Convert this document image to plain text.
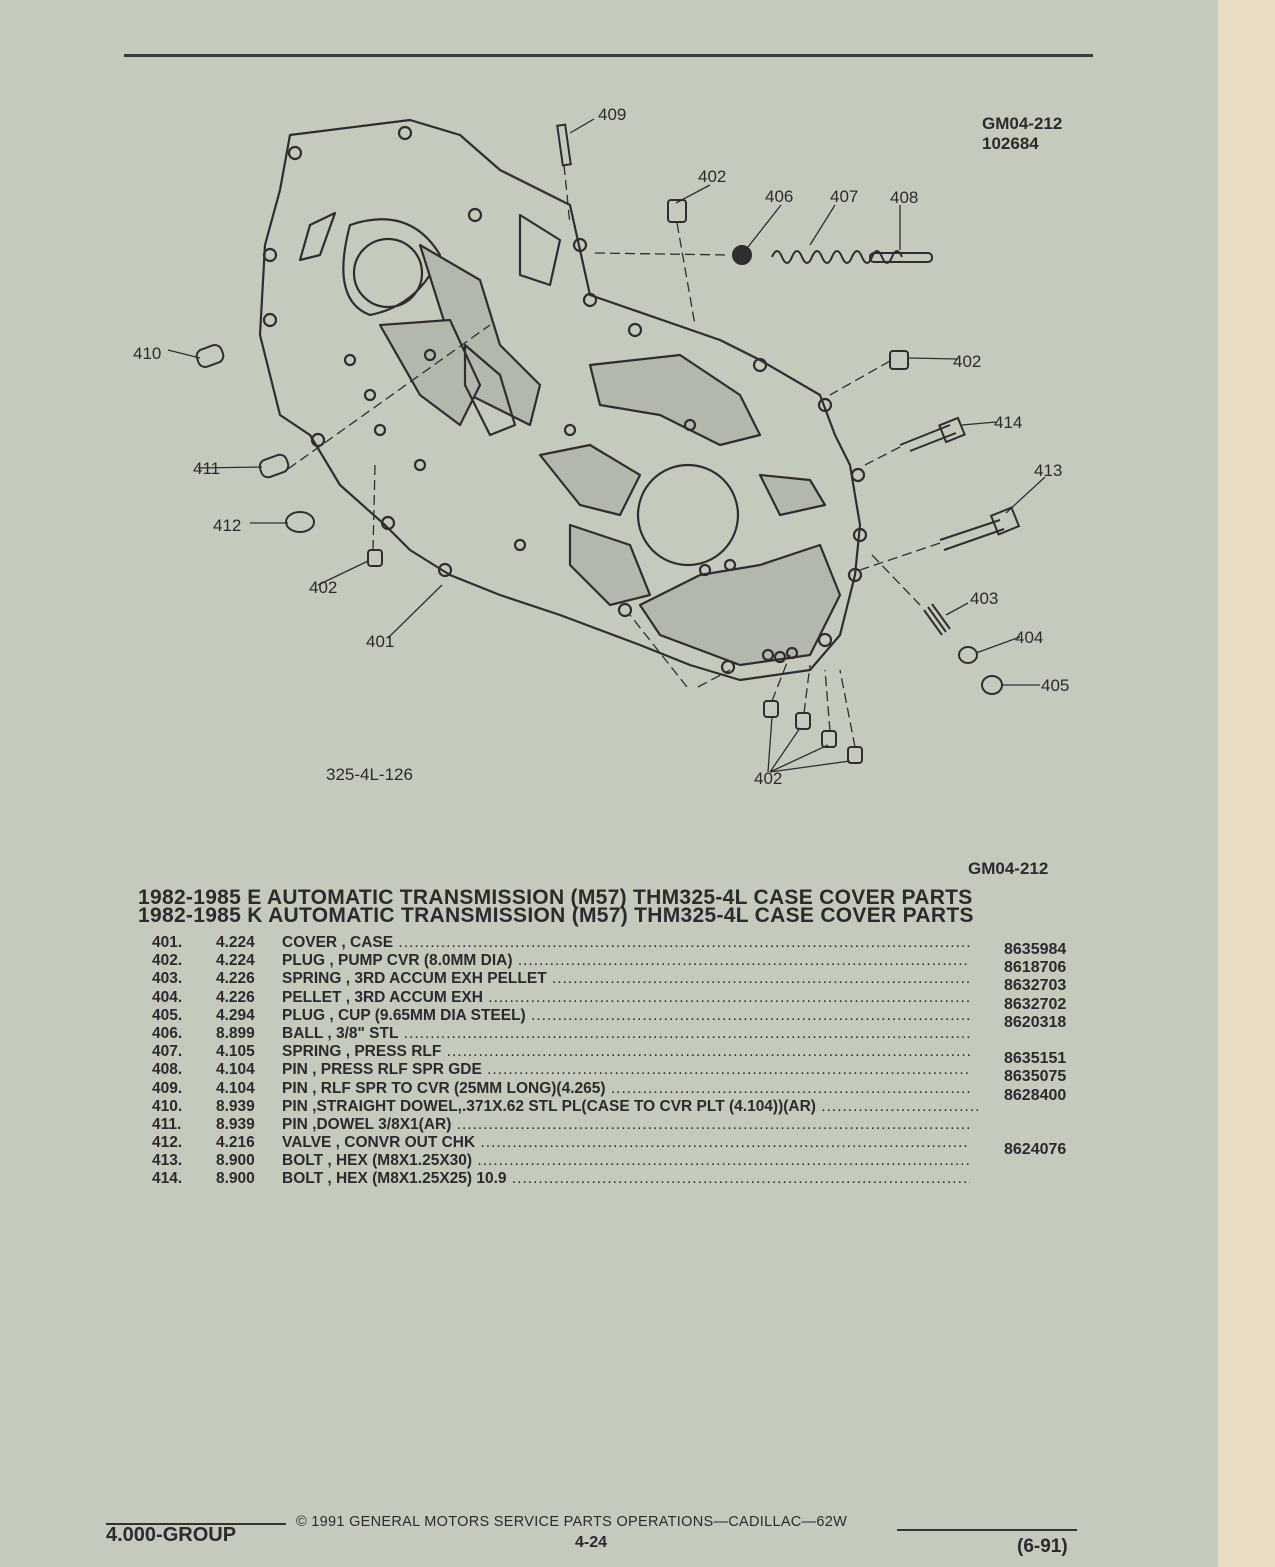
GM04-212
102684
409
402
406 407 408
410	402
414
413
411
412
402
401
403
404
405
402
325-4L-126
GM04-212
1982-1985 E AUTOMATIC TRANSMISSION (M57) THM325-4L CASE COVER PARTS
1982-1985 K AUTOMATIC TRANSMISSION (M57) THM325-4L CASE COVER PARTS
401. 4.224 COVER , CASE .....	8635984
402. 4.224 PLUG , PUMP CVR (8.0MM DIA) .....	8618706
403. 4.226 SPRING , 3RD ACCUM EXH PELLET .....	8632703
404. 4.226 PELLET , 3RD ACCUM EXH .....	8632702
405. 4.294 PLUG , CUP (9.65MM DIA STEEL) .....	8620318
406. 8.899 BALL , 3/8" STL .....
407. 4.105 SPRING , PRESS RLF .....	8635151
408. 4.104 PIN , PRESS RLF SPR GDE .....	8635075
409. 4.104 PIN , RLF SPR TO CVR (25MM LONG)(4.265) .....	8628400
410. 8.939 PIN ,STRAIGHT DOWEL,.371X.62 STL PL(CASE TO CVR PLT (4.104))(AR) .....
411. 8.939 PIN ,DOWEL 3/8X1(AR) .....
412. 4.216 VALVE , CONVR OUT CHK .....	8624076
413. 8.900 BOLT , HEX (M8X1.25X30) .....
414. 8.900 BOLT , HEX (M8X1.25X25) 10.9 .....
4.000-GROUP
© 1991 GENERAL MOTORS SERVICE PARTS OPERATIONS—CADILLAC—62W
4-24	(6-91)
